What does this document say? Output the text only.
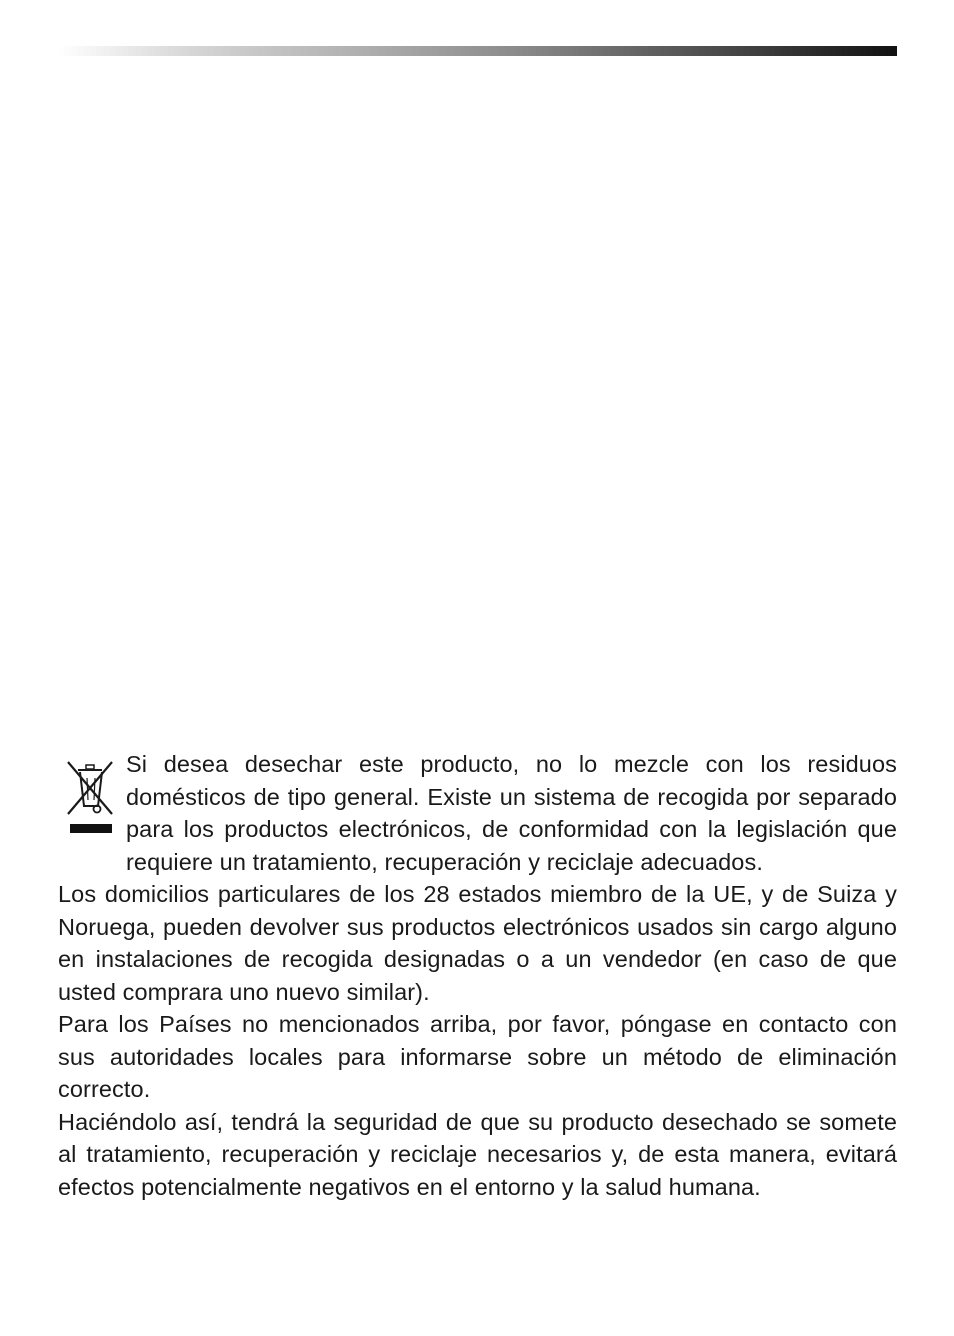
Si desea desechar este producto, no lo mezcle con los residuos domésticos de tipo general. Existe un sistema de recogida por separado para los productos electrónicos, de conformidad con la legislación que requiere un tratamiento, recuperación y reciclaje adecuados.

Los domicilios particulares de los 28 estados miembro de la UE, y de Suiza y Noruega, pueden devolver sus productos electrónicos usados sin cargo alguno en instalaciones de recogida designadas o a un vendedor (en caso de que usted comprara uno nuevo similar).

Para los Países no mencionados arriba, por favor, póngase en contacto con sus autoridades locales para informarse sobre un método de eliminación correcto.

Haciéndolo así, tendrá la seguridad de que su producto desechado se somete al tratamiento, recuperación y reciclaje necesarios y, de esta manera, evitará efectos potencialmente negativos en el entorno y la salud humana.
